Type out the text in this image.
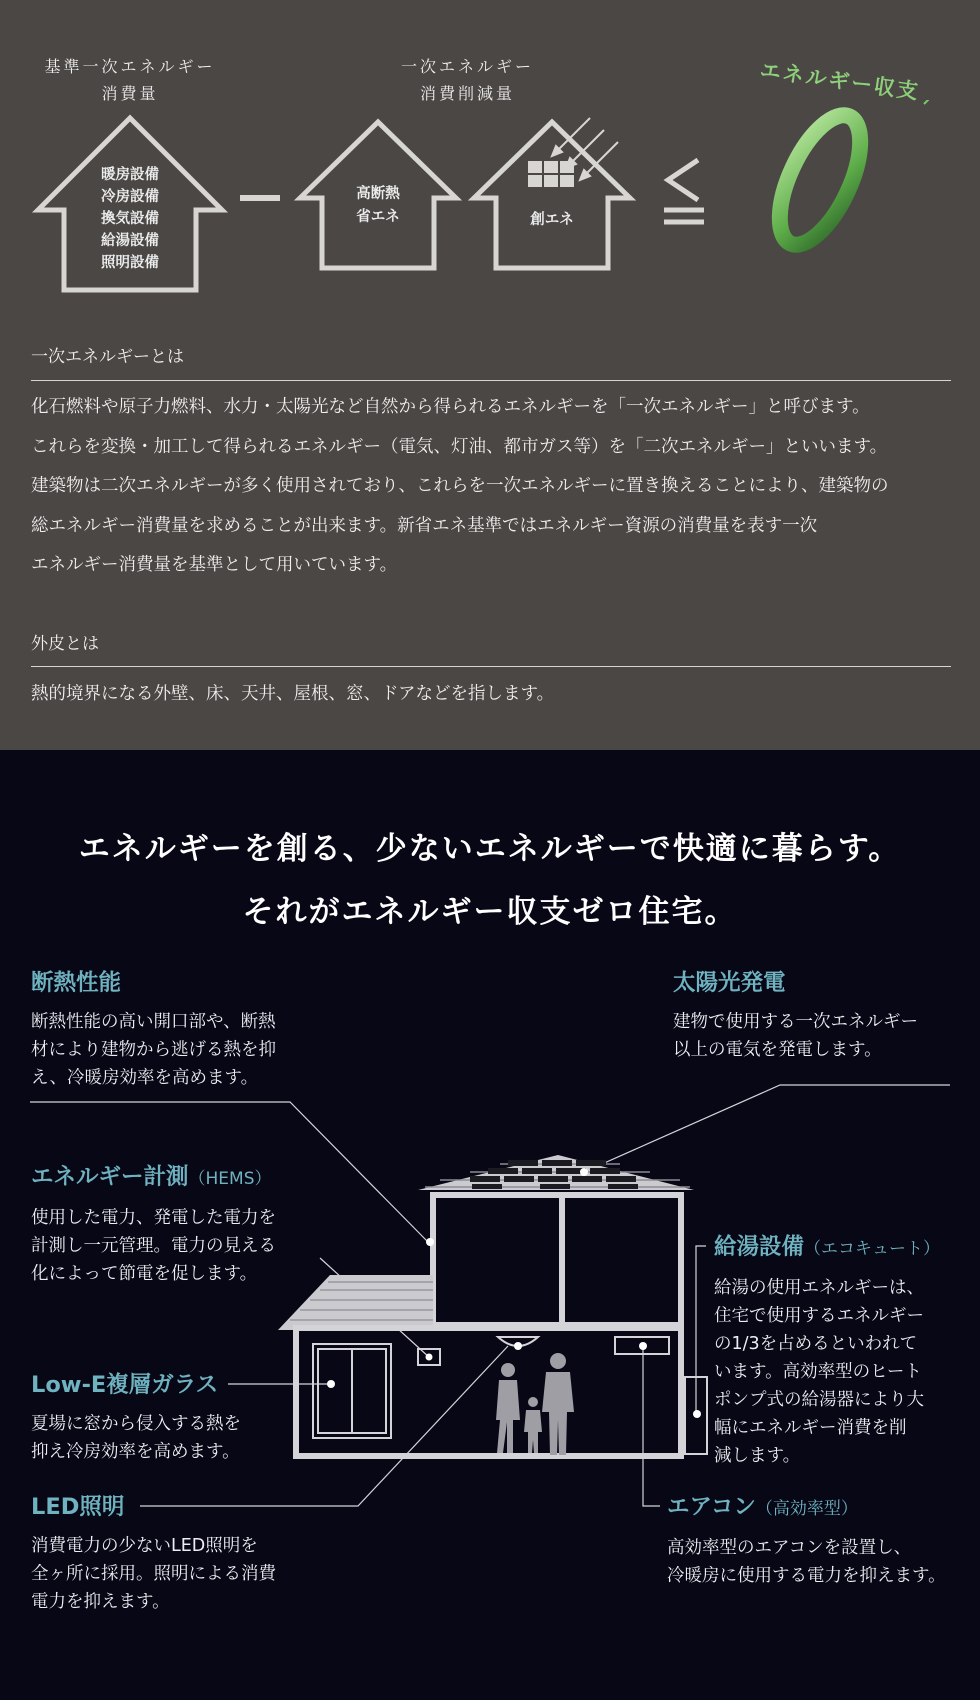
基準一次エネルギー
消費量
一次エネルギー
消費削減量	エネルギー収支
暖房設備
冷房設備
換気設備
給湯設備
照明設備
高断熱
省エネ	創エネ
一次エネルギーとは
化石燃料や原子力燃料、水力・太陽光など自然から得られるエネルギーを「一次エネルギー」と呼びます。
これらを変換・加工して得られるエネルギー（電気、灯油、都市ガス等）を「二次エネルギー」といいます。
建築物は二次エネルギーが多く使用されており、これらを一次エネルギーに置き換えることにより、建築物の
総エネルギー消費量を求めることが出来ます。新省エネ基準ではエネルギー資源の消費量を表す一次
エネルギー消費量を基準として用いています。
外皮とは
熱的境界になる外壁、床、天井、屋根、窓、ドアなどを指します。
エネルギーを創る、少ないエネルギーで快適に暮らす。
それがエネルギー収支ゼロ住宅。
断熱性能
断熱性能の高い開口部や、断熱
材により建物から逃げる熱を抑
え、冷暖房効率を高めます。
エネルギー計測（HEMS）
使用した電力、発電した電力を
計測し一元管理。電力の見える
化によって節電を促します。
Low-E複層ガラス
夏場に窓から侵入する熱を
抑え冷房効率を高めます。
LED照明
消費電力の少ないLED照明を
全ヶ所に採用。照明による消費
電力を抑えます。
太陽光発電
建物で使用する一次エネルギー
以上の電気を発電します。
給湯設備（エコキュート）
給湯の使用エネルギーは、
住宅で使用するエネルギー
の1/3を占めるといわれて
います。高効率型のヒート
ポンプ式の給湯器により大
幅にエネルギー消費を削
減します。
エアコン（高効率型）
高効率型のエアコンを設置し、
冷暖房に使用する電力を抑えます。
